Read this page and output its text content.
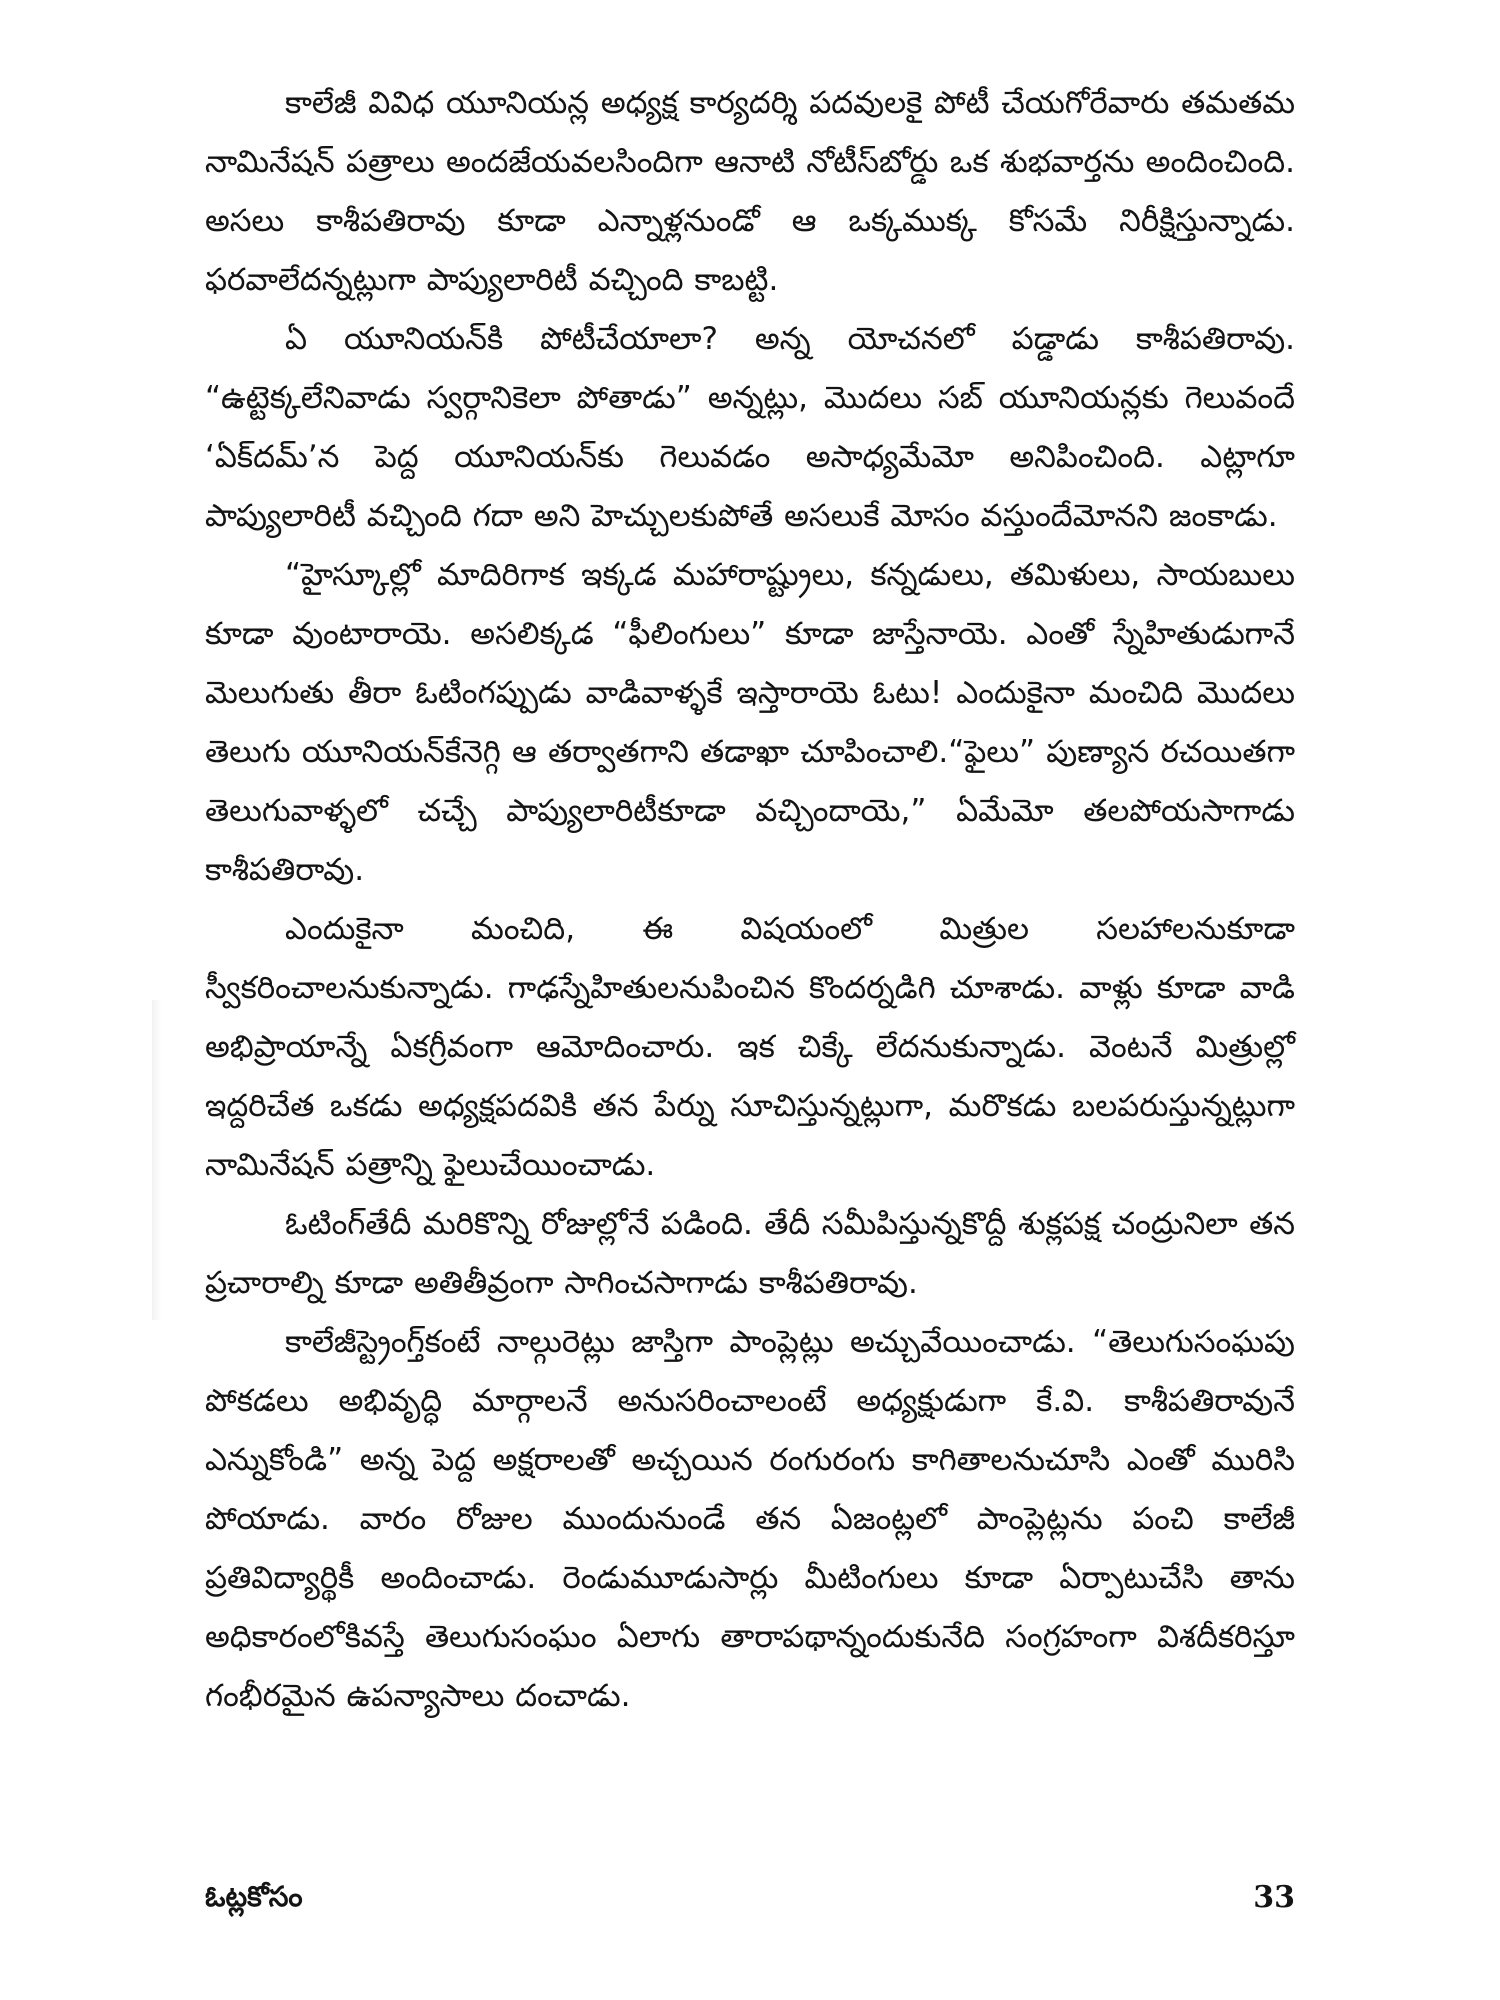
కాలేజీ వివిధ యూనియన్ల అధ్యక్ష కార్యదర్శి పదవులకై పోటీ చేయగోరేవారు తమతమ నామినేషన్ పత్రాలు అందజేయవలసిందిగా ఆనాటి నోటీస్‌బోర్డు ఒక శుభవార్తను అందించింది. అసలు కాశీపతిరావు కూడా ఎన్నాళ్లనుండో ఆ ఒక్కముక్క కోసమే నిరీక్షిస్తున్నాడు. ఫరవాలేదన్నట్లుగా పాప్యులారిటీ వచ్చింది కాబట్టి.

ఏ యూనియన్‌కి పోటీచేయాలా? అన్న యోచనలో పడ్డాడు కాశీపతిరావు. “ఉట్టెక్కలేనివాడు స్వర్గానికెలా పోతాడు” అన్నట్లు, మొదలు సబ్ యూనియన్లకు గెలువందే ‘ఏక్‌దమ్’న పెద్ద యూనియన్‌కు గెలువడం అసాధ్యమేమో అనిపించింది. ఎట్లాగూ పాప్యులారిటీ వచ్చింది గదా అని హెచ్చులకుపోతే అసలుకే మోసం వస్తుందేమోనని జంకాడు.

“హైస్కూల్లో మాదిరిగాక ఇక్కడ మహారాష్ట్రులు, కన్నడులు, తమిళులు, సాయబులు కూడా వుంటారాయె. అసలిక్కడ “ఫీలింగులు” కూడా జాస్తేనాయె. ఎంతో స్నేహితుడుగానే మెలుగుతు తీరా ఓటింగప్పుడు వాడివాళ్ళకే ఇస్తారాయె ఓటు! ఎందుకైనా మంచిది మొదలు తెలుగు యూనియన్‌కేనెగ్గి ఆ తర్వాతగాని తడాఖా చూపించాలి.“ఫైలు” పుణ్యాన రచయితగా తెలుగువాళ్ళలో చచ్చే పాప్యులారిటీకూడా వచ్చిందాయె,” ఏమేమో తలపోయసాగాడు కాశీపతిరావు.

ఎందుకైనా మంచిది, ఈ విషయంలో మిత్రుల సలహాలనుకూడా స్వీకరించాలనుకున్నాడు. గాఢస్నేహితులనుపించిన కొందర్నడిగి చూశాడు. వాళ్లు కూడా వాడి అభిప్రాయాన్నే ఏకగ్రీవంగా ఆమోదించారు. ఇక చిక్కే లేదనుకున్నాడు. వెంటనే మిత్రుల్లో ఇద్దరిచేత ఒకడు అధ్యక్షపదవికి తన పేర్ను సూచిస్తున్నట్లుగా, మరొకడు బలపరుస్తున్నట్లుగా నామినేషన్ పత్రాన్ని ఫైలుచేయించాడు.

ఓటింగ్‌తేదీ మరికొన్ని రోజుల్లోనే పడింది. తేదీ సమీపిస్తున్నకొద్దీ శుక్లపక్ష చంద్రునిలా తన ప్రచారాల్ని కూడా అతితీవ్రంగా సాగించసాగాడు కాశీపతిరావు.

కాలేజీస్ట్రెంగ్త్‌కంటే నాల్గురెట్లు జాస్తిగా పాంప్లెట్లు అచ్చువేయించాడు. “తెలుగుసంఘపు పోకడలు అభివృద్ధి మార్గాలనే అనుసరించాలంటే అధ్యక్షుడుగా కే.వి. కాశీపతిరావునే ఎన్నుకోండి” అన్న పెద్ద అక్షరాలతో అచ్చయిన రంగురంగు కాగితాలనుచూసి ఎంతో మురిసి పోయాడు. వారం రోజుల ముందునుండే తన ఏజంట్లలో పాంప్లెట్లను పంచి కాలేజీ ప్రతివిద్యార్థికీ అందించాడు. రెండుమూడుసార్లు మీటింగులు కూడా ఏర్పాటుచేసి తాను అధికారంలోకివస్తే తెలుగుసంఘం ఏలాగు తారాపథాన్నందుకునేది సంగ్రహంగా విశదీకరిస్తూ గంభీరమైన ఉపన్యాసాలు దంచాడు.

ఓట్లకోసం	33
